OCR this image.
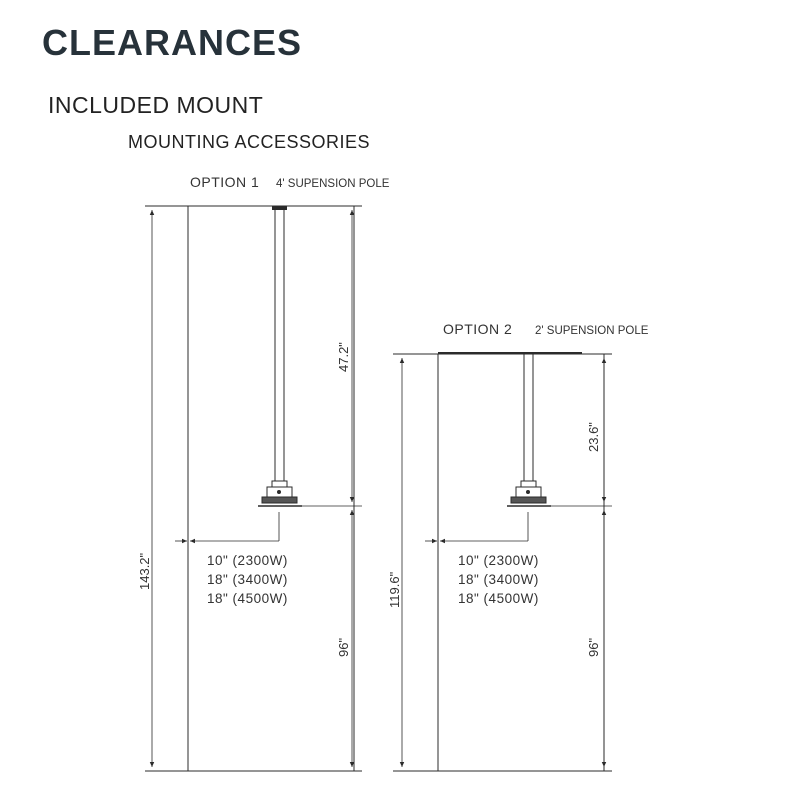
CLEARANCES
INCLUDED MOUNT
MOUNTING ACCESSORIES
OPTION 1 4' SUPENSION POLE
143.2"
47.2"
96"
10" (2300W)
18" (3400W)
18" (4500W)
OPTION 2 2' SUPENSION POLE
119.6"
23.6"
96"
10" (2300W)
18" (3400W)
18" (4500W)
